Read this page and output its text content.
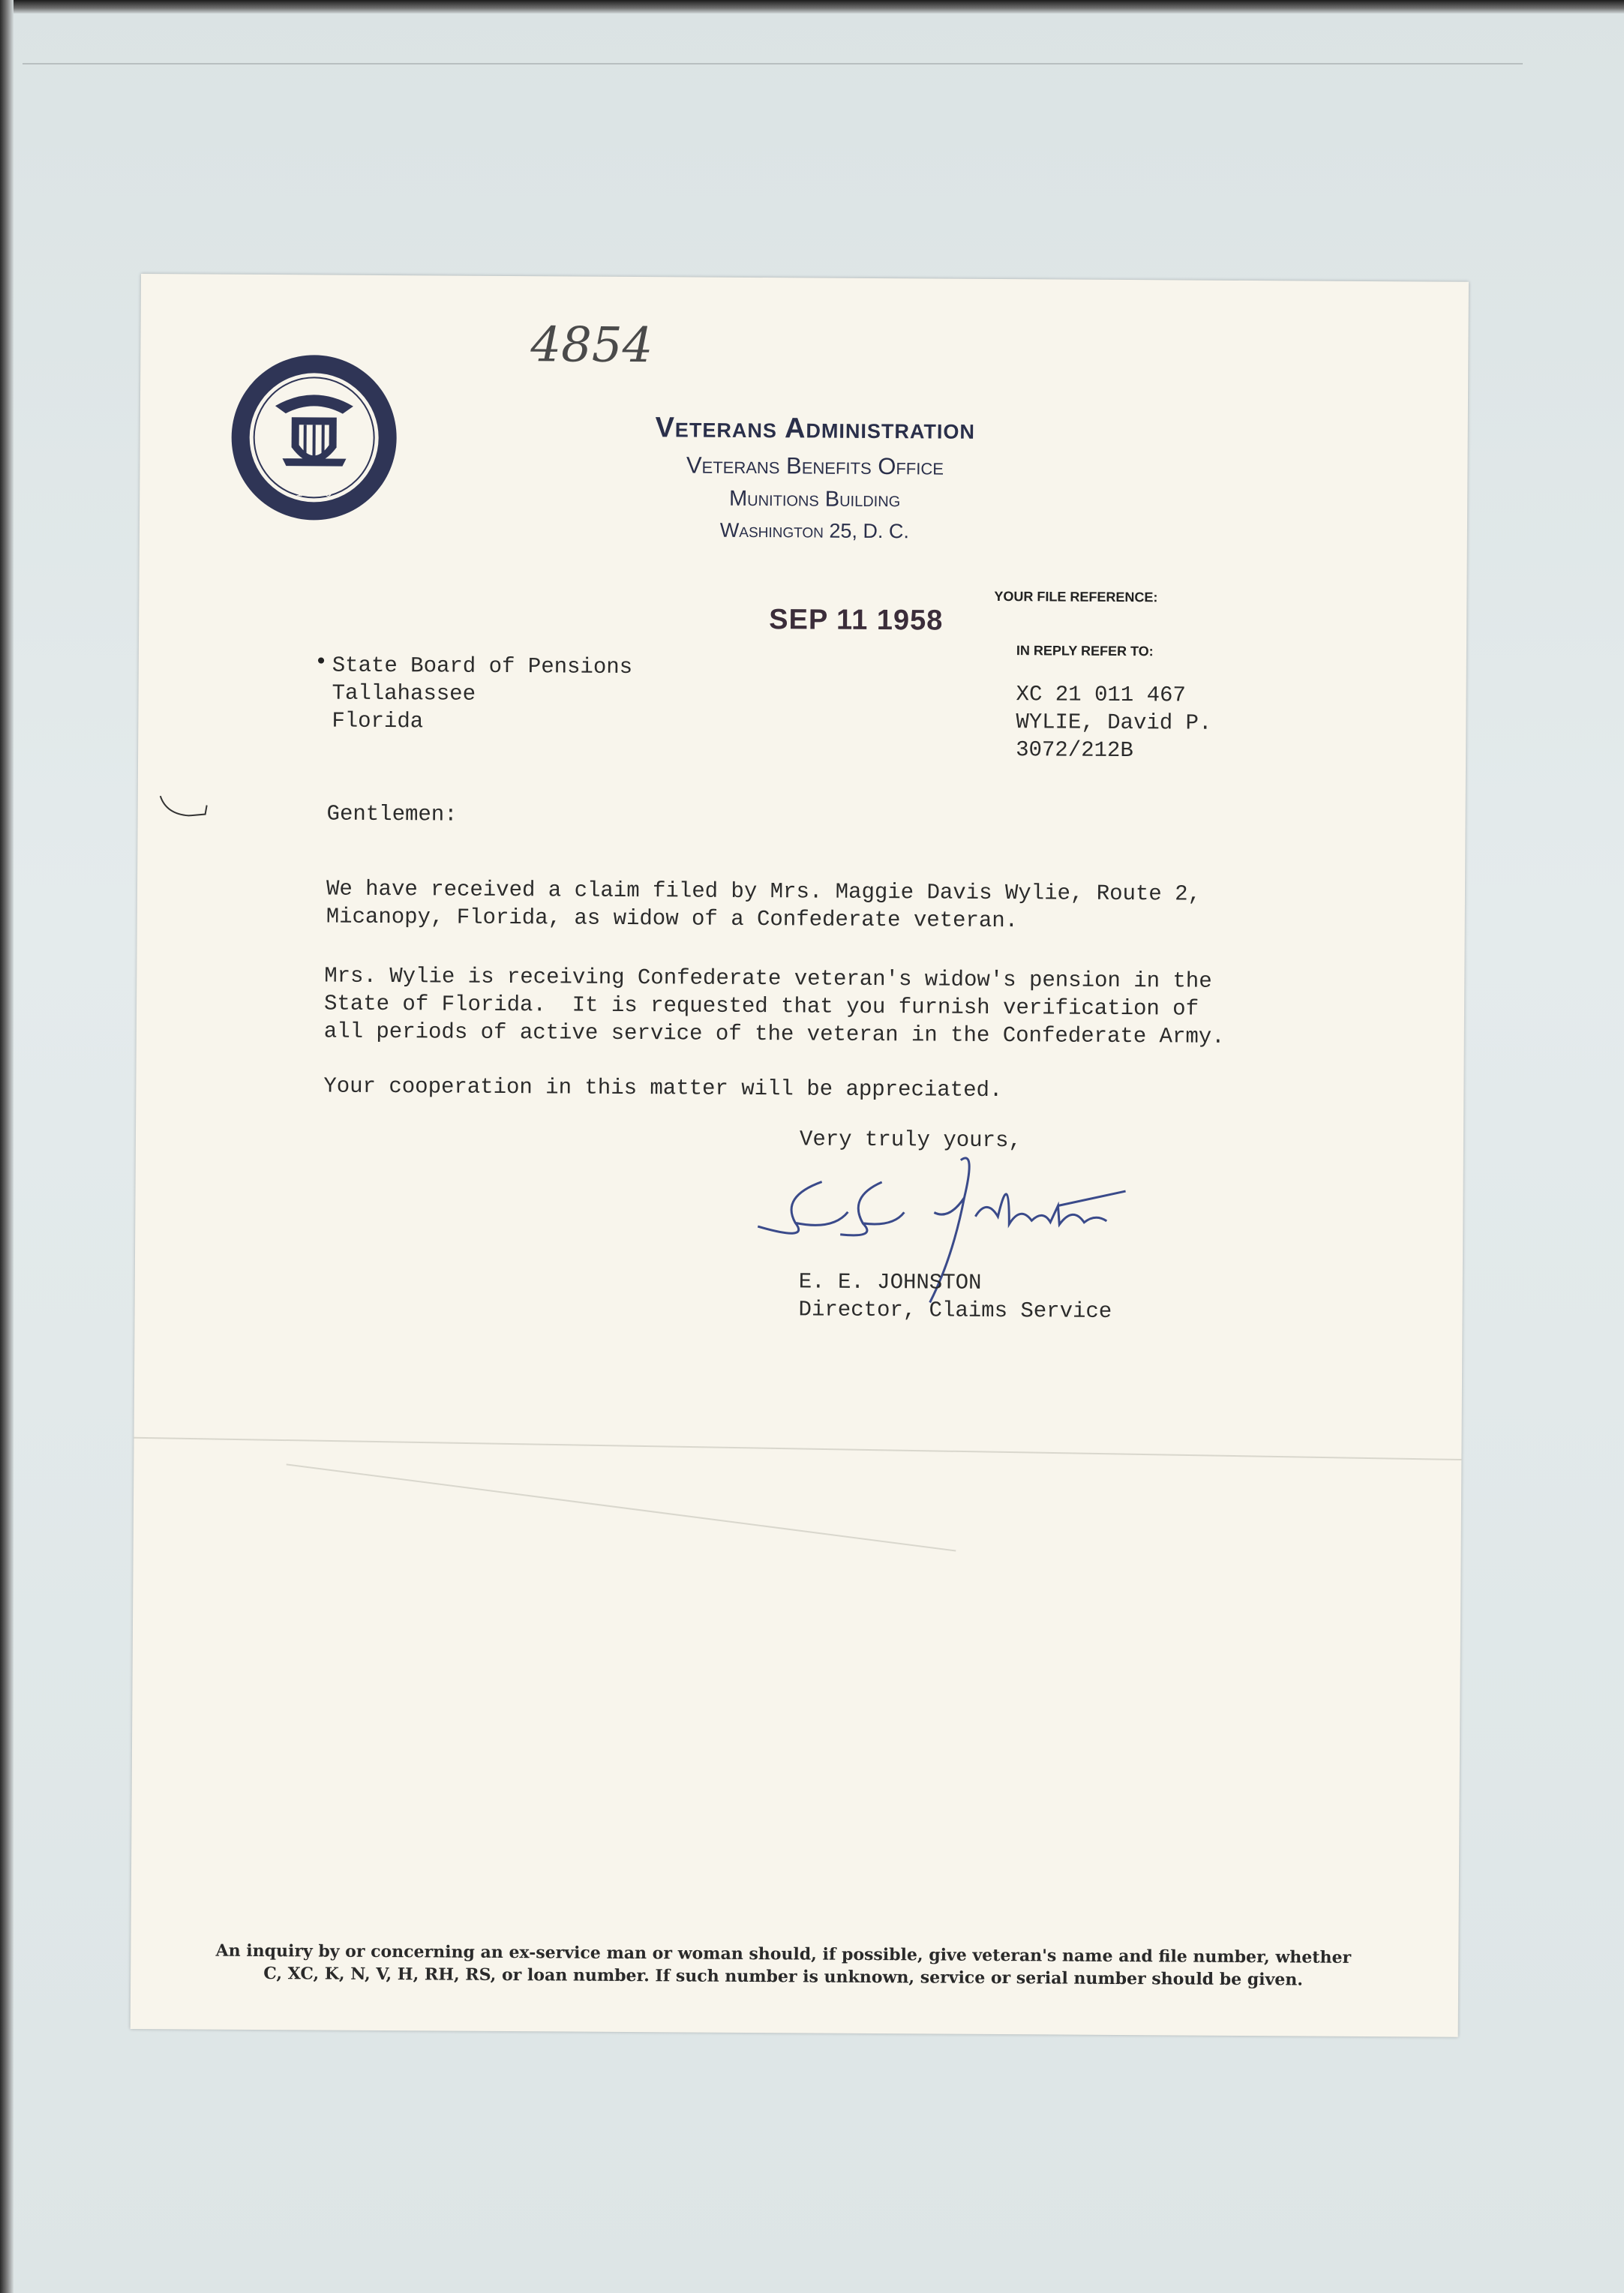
4854
1930
Veterans Administration
Veterans Benefits Office
Munitions Building
Washington 25, D. C.
SEP 11 1958
YOUR FILE REFERENCE:
IN REPLY REFER TO:
XC 21 011 467
WYLIE, David P.
3072/212B
• State Board of Pensions
Tallahassee
Florida
Gentlemen:
We have received a claim filed by Mrs. Maggie Davis Wylie, Route 2,
Micanopy, Florida, as widow of a Confederate veteran.
Mrs. Wylie is receiving Confederate veteran's widow's pension in the
State of Florida.  It is requested that you furnish verification of
all periods of active service of the veteran in the Confederate Army.
Your cooperation in this matter will be appreciated.
Very truly yours,
E. E. JOHNSTON
Director, Claims Service
An inquiry by or concerning an ex-service man or woman should, if possible, give veteran's name and file number, whether
C, XC, K, N, V, H, RH, RS, or loan number. If such number is unknown, service or serial number should be given.
